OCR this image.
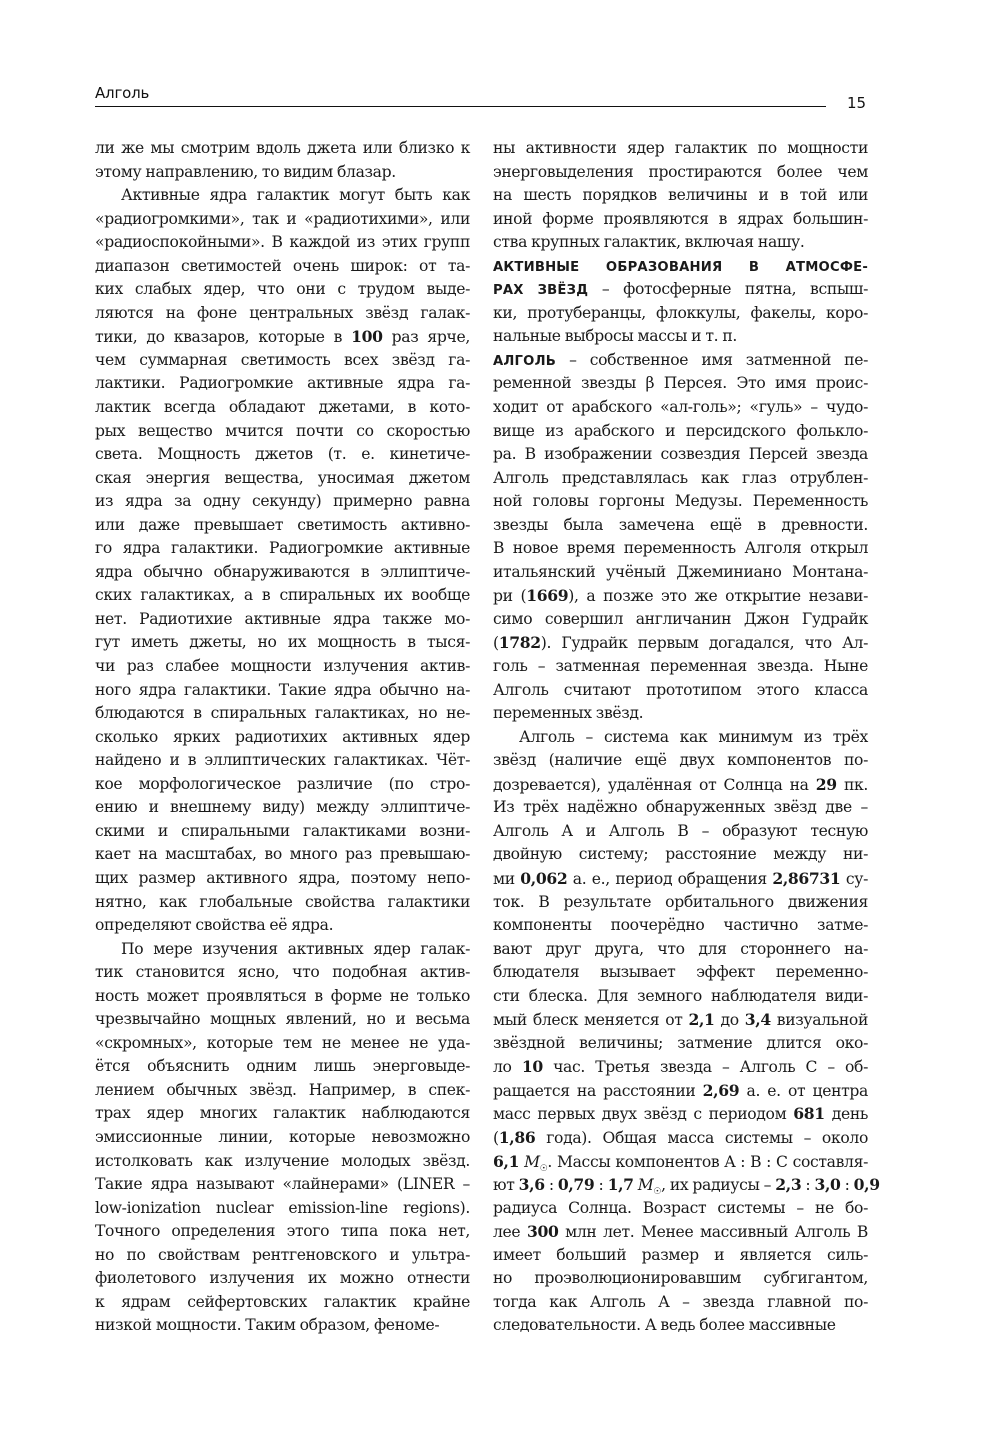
Алголь
15
ли же мы смотрим вдоль джета или близко к
этому направлению, то видим блазар.
Активные ядра галактик могут быть как
«радиогромкими», так и «радиотихими», или
«радиоспокойными». В каждой из этих групп
диапазон светимостей очень широк: от та-
ких слабых ядер, что они с трудом выде-
ляются на фоне центральных звёзд галак-
тики, до квазаров, которые в 100 раз ярче,
чем суммарная светимость всех звёзд га-
лактики. Радиогромкие активные ядра га-
лактик всегда обладают джетами, в кото-
рых вещество мчится почти со скоростью
света. Мощность джетов (т. е. кинетиче-
ская энергия вещества, уносимая джетом
из ядра за одну секунду) примерно равна
или даже превышает светимость активно-
го ядра галактики. Радиогромкие активные
ядра обычно обнаруживаются в эллиптиче-
ских галактиках, а в спиральных их вообще
нет. Радиотихие активные ядра также мо-
гут иметь джеты, но их мощность в тыся-
чи раз слабее мощности излучения актив-
ного ядра галактики. Такие ядра обычно на-
блюдаются в спиральных галактиках, но не-
сколько ярких радиотихих активных ядер
найдено и в эллиптических галактиках. Чёт-
кое морфологическое различие (по стро-
ению и внешнему виду) между эллиптиче-
скими и спиральными галактиками возни-
кает на масштабах, во много раз превышаю-
щих размер активного ядра, поэтому непо-
нятно, как глобальные свойства галактики
определяют свойства её ядра.
По мере изучения активных ядер галак-
тик становится ясно, что подобная актив-
ность может проявляться в форме не только
чрезвычайно мощных явлений, но и весьма
«скромных», которые тем не менее не уда-
ётся объяснить одним лишь энерговыде-
лением обычных звёзд. Например, в спек-
трах ядер многих галактик наблюдаются
эмиссионные линии, которые невозможно
истолковать как излучение молодых звёзд.
Такие ядра называют «лайнерами» (LINER –
low-ionization nuclear emission-line regions).
Точного определения этого типа пока нет,
но по свойствам рентгеновского и ультра-
фиолетового излучения их можно отнести
к ядрам сейфертовских галактик крайне
низкой мощности. Таким образом, феноме-
ны активности ядер галактик по мощности
энерговыделения простираются более чем
на шесть порядков величины и в той или
иной форме проявляются в ядрах большин-
ства крупных галактик, включая нашу.
АКТИВНЫЕ ОБРАЗОВАНИЯ В АТМОСФЕ-
РАХ ЗВЁЗД – фотосферные пятна, вспыш-
ки, протуберанцы, флоккулы, факелы, коро-
нальные выбросы массы и т. п.
АЛГОЛЬ – собственное имя затменной пе-
ременной звезды β Персея. Это имя проис-
ходит от арабского «ал-голь»; «гуль» – чудо-
вище из арабского и персидского фолькло-
ра. В изображении созвездия Персей звезда
Алголь представлялась как глаз отрублен-
ной головы горгоны Медузы. Переменность
звезды была замечена ещё в древности.
В новое время переменность Алголя открыл
итальянский учёный Джеминиано Монтана-
ри (1669), а позже это же открытие незави-
симо совершил англичанин Джон Гудрайк
(1782). Гудрайк первым догадался, что Ал-
голь – затменная переменная звезда. Ныне
Алголь считают прототипом этого класса
переменных звёзд.
Алголь – система как минимум из трёх
звёзд (наличие ещё двух компонентов по-
дозревается), удалённая от Солнца на 29 пк.
Из трёх надёжно обнаруженных звёзд две –
Алголь A и Алголь B – образуют тесную
двойную систему; расстояние между ни-
ми 0,062 а. е., период обращения 2,86731 су-
ток. В результате орбитального движения
компоненты поочерёдно частично затме-
вают друг друга, что для стороннего на-
блюдателя вызывает эффект переменно-
сти блеска. Для земного наблюдателя види-
мый блеск меняется от 2,1 до 3,4 визуальной
звёздной величины; затмение длится око-
ло 10 час. Третья звезда – Алголь C – об-
ращается на расстоянии 2,69 а. е. от центра
масс первых двух звёзд с периодом 681 день
(1,86 года). Общая масса системы – около
6,1 $M_☉$. Массы компонентов A : B : C составля-
ют 3,6 : 0,79 : 1,7 $M_☉$, их радиусы – 2,3 : 3,0 : 0,9
радиуса Солнца. Возраст системы – не бо-
лее 300 млн лет. Менее массивный Алголь B
имеет больший размер и является силь-
но проэволюционировавшим субгигантом,
тогда как Алголь A – звезда главной по-
следовательности. А ведь более массивные
